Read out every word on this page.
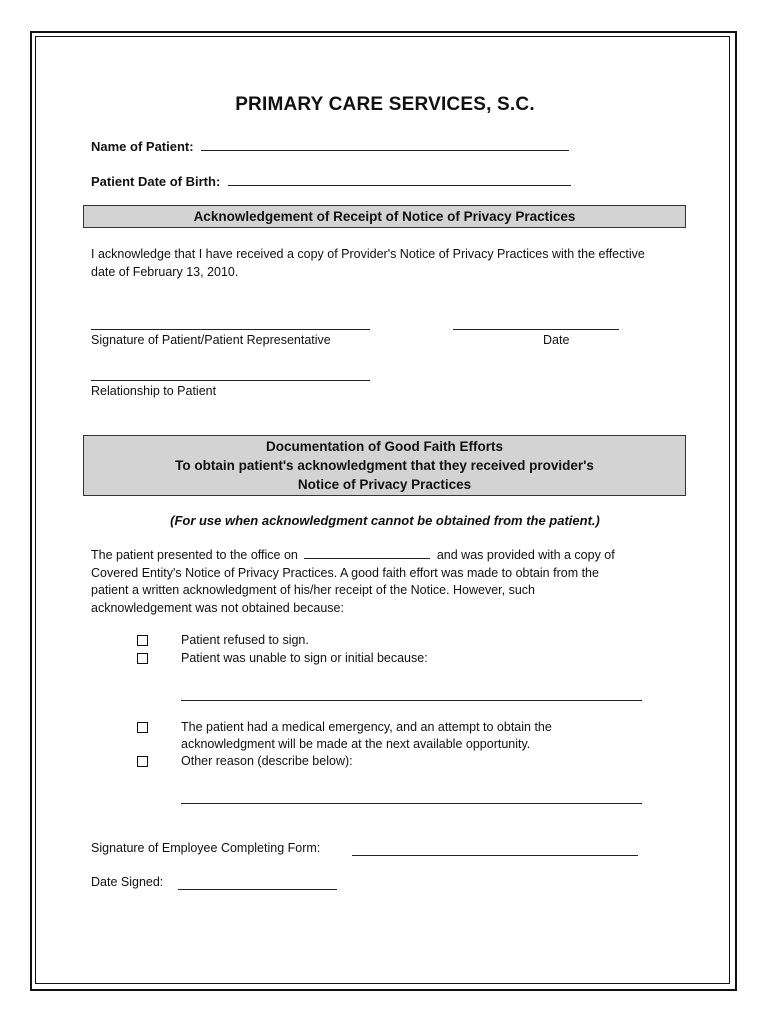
PRIMARY CARE SERVICES, S.C.
Name of Patient:
Patient Date of Birth:
Acknowledgement of Receipt of Notice of Privacy Practices
I acknowledge that I have received a copy of Provider's Notice of Privacy Practices with the effective date of February 13, 2010.
Signature of Patient/Patient Representative	Date
Relationship to Patient
Documentation of Good Faith Efforts
To obtain patient's acknowledgment that they received provider's
Notice of Privacy Practices
(For use when acknowledgment cannot be obtained from the patient.)
The patient presented to the office on	and was provided with a copy of
Covered Entity's Notice of Privacy Practices. A good faith effort was made to obtain from the
patient a written acknowledgment of his/her receipt of the Notice. However, such
acknowledgement was not obtained because:
Patient refused to sign.
Patient was unable to sign or initial because:
The patient had a medical emergency, and an attempt to obtain the
acknowledgment will be made at the next available opportunity.
Other reason (describe below):
Signature of Employee Completing Form:
Date Signed:
